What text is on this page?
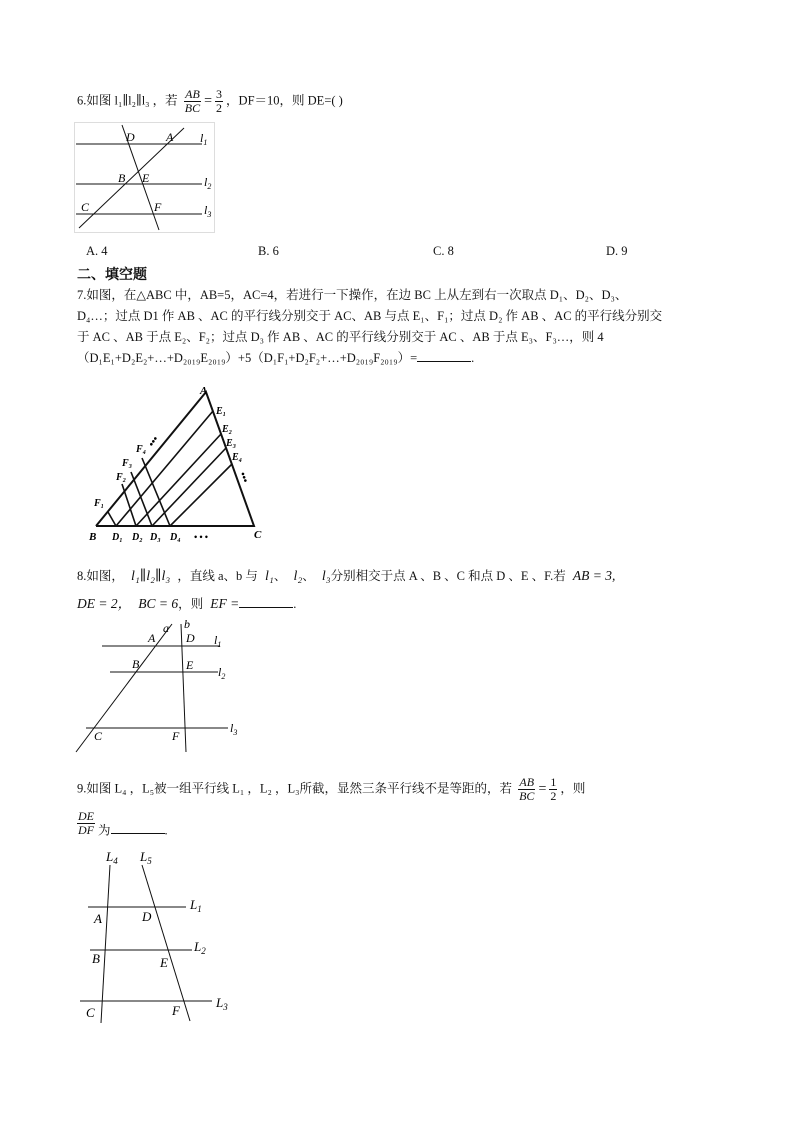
6.如图 l₁∥l₂∥l₃ ，若 $\frac{AB}{BC} = \frac{3}{2}$ ，DF＝10，则 DE=( )
D	A $l_1$
B E	$l_2$
C	F	$l_3$
A. 4	B. 6	C. 8	D. 9
二、填空题
7.如图，在△ABC 中，AB=5，AC=4，若进行一下操作，在边 BC 上从左到右一次取点 D₁、D₂、D₃、
D₄…；过点 D1 作 AB 、AC 的平行线分别交于 AC、AB 与点 E₁、F₁；过点 D₂ 作 AB 、AC 的平行线分别交
于 AC 、AB 于点 E₂、F₂；过点 D₃ 作 AB 、AC 的平行线分别交于 AC 、AB 于点 E₃、F₃…，则 4
（D₁E₁+D₂E₂+…+D₂₀₁₉E₂₀₁₉）+5（D₁F₁+D₂F₂+…+D₂₀₁₉F₂₀₁₉）=	.
A
B	C
D₁ D₂ D₃ D₄ • • •
E₁
E₂
E₃
E₄
•••
F₁
F₂
F₃
F₄
•••
8.如图， l₁∥l₂∥l₃ ，直线 a、b 与 l₁、 l₂、 l₃分别相交于点 A 、B 、C 和点 D 、E 、F.若 AB = 3,
DE = 2， BC = 6，则 EF =	.
a b
A	D $l_1$
B	E $l_2$
C	F
$l_3$
9.如图 L₄ ，L₅被一组平行线 L₁ ，L₂ ，L₃所截，显然三条平行线不是等距的，若 $\frac{AB}{BC} = \frac{1}{2}$ ，则
$\frac{DE}{DF}$ 为	.
$L_4$ $L_5$
A	D
$L_1$
B	E
$L_2$
C	F
$L_3$
